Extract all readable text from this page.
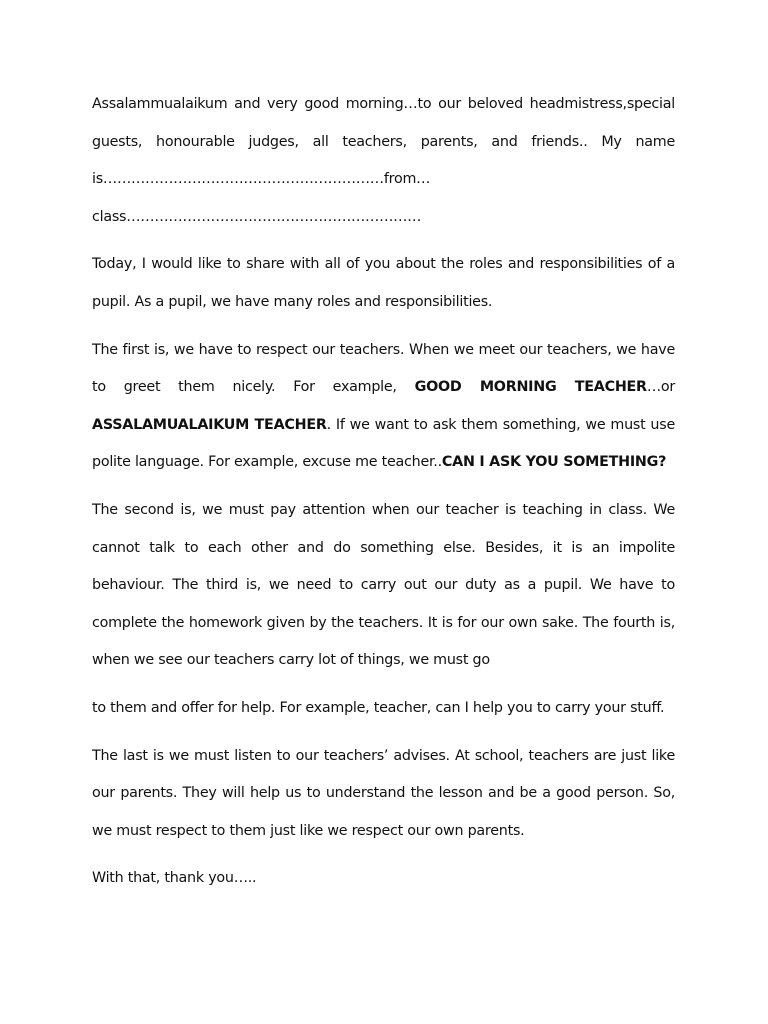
Assalammualaikum and very good morning…to our beloved headmistress,special guests, honourable judges, all teachers, parents, and friends.. My name is……………………………………………………from…class………………………………………………………

Today, I would like to share with all of you about the roles and responsibilities of a pupil. As a pupil, we have many roles and responsibilities.

The first is, we have to respect our teachers. When we meet our teachers, we have to greet them nicely. For example, GOOD MORNING TEACHER…or ASSALAMUALAIKUM TEACHER. If we want to ask them something, we must use polite language. For example, excuse me teacher..CAN I ASK YOU SOMETHING?

The second is, we must pay attention when our teacher is teaching in class. We cannot talk to each other and do something else. Besides, it is an impolite behaviour. The third is, we need to carry out our duty as a pupil. We have to complete the homework given by the teachers. It is for our own sake. The fourth is, when we see our teachers carry lot of things, we must go

to them and offer for help. For example, teacher, can I help you to carry your stuff.

The last is we must listen to our teachers’ advises. At school, teachers are just like our parents. They will help us to understand the lesson and be a good person. So, we must respect to them just like we respect our own parents.

With that, thank you…..
